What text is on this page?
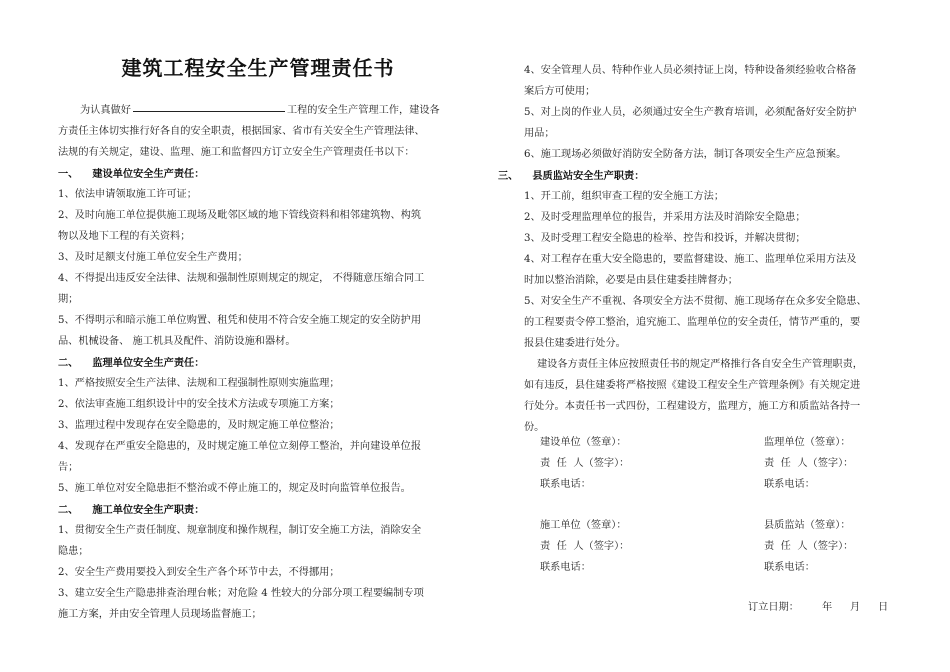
建筑工程安全生产管理责任书
为认真做好	工程的安全生产管理工作，建设各
方责任主体切实推行好各自的安全职责，根据国家、省市有关安全生产管理法律、
法规的有关规定，建设、监理、施工和监督四方订立安全生产管理责任书以下：
一、 建设单位安全生产责任：
1、依法申请领取施工许可证；
2、及时向施工单位提供施工现场及毗邻区域的地下管线资料和相邻建筑物、构筑
物以及地下工程的有关资料；
3、及时足额支付施工单位安全生产费用；
4、不得提出违反安全法律、法规和强制性原则规定的规定， 不得随意压缩合同工
期；
5、不得明示和暗示施工单位购置、租凭和使用不符合安全施工规定的安全防护用
品、机械设备、 施工机具及配件、消防设施和器材。
二、 监理单位安全生产责任：
1、严格按照安全生产法律、法规和工程强制性原则实施监理；
2、依法审查施工组织设计中的安全技术方法或专项施工方案；
3、监理过程中发现存在安全隐患的，及时规定施工单位整治；
4、发现存在严重安全隐患的，及时规定施工单位立刻停工整治，并向建设单位报
告；
5、施工单位对安全隐患拒不整治或不停止施工的，规定及时向监管单位报告。
二、 施工单位安全生产职责：
1、贯彻安全生产责任制度、规章制度和操作规程，制订安全施工方法，消除安全
隐患；
2、安全生产费用要投入到安全生产各个环节中去，不得挪用；
3、建立安全生产隐患排查治理台帐；对危险 4 性较大的分部分项工程要编制专项
施工方案，并由安全管理人员现场监督施工；
4、安全管理人员、特种作业人员必须持证上岗，特种设备须经验收合格备
案后方可使用；
5、对上岗的作业人员，必须通过安全生产教育培训，必须配备好安全防护
用品；
6、施工现场必须做好消防安全防备方法，制订各项安全生产应急预案。
三、 县质监站安全生产职责：
1、开工前，组织审查工程的安全施工方法；
2、及时受理监理单位的报告，并采用方法及时消除安全隐患；
3、及时受理工程安全隐患的检举、控告和投诉，并解决贯彻；
4、对工程存在重大安全隐患的，要监督建设、施工、监理单位采用方法及
时加以整治消除，必要是由县住建委挂牌督办；
5、对安全生产不重视、各项安全方法不贯彻、施工现场存在众多安全隐患、
的工程要责令停工整治，追究施工、监理单位的安全责任，情节严重的，要
报县住建委进行处分。
建设各方责任主体应按照责任书的规定严格推行各自安全生产管理职责，
如有违反，县住建委将严格按照《建设工程安全生产管理条例》有关规定进
行处分。本责任书一式四份，工程建设方，监理方，施工方和质监站各持一
份。
建设单位（签章）：	监理单位（签章）：
责  任  人（签字）：	责  任  人（签字）：
联系电话：	联系电话：
施工单位（签章）：	县质监站（签章）：
责  任  人（签字）：	责  任  人（签字）：
联系电话：	联系电话：
订立日期： 年 月 日
